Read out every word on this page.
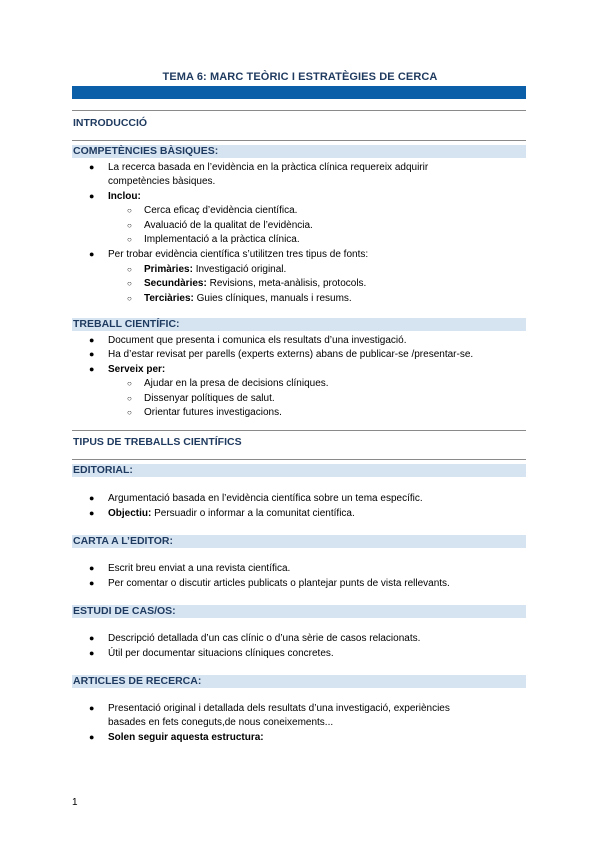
TEMA 6: MARC TEÒRIC I ESTRATÈGIES DE CERCA
INTRODUCCIÓ
COMPETÈNCIES BÀSIQUES:
● La recerca basada en l’evidència en la pràctica clínica requereix adquirir
competències bàsiques.
● Inclou:
○ Cerca eficaç d’evidència científica.
○ Avaluació de la qualitat de l’evidència.
○ Implementació a la pràctica clínica.
● Per trobar evidència científica s’utilitzen tres tipus de fonts:
○ Primàries: Investigació original.
○ Secundàries: Revisions, meta-anàlisis, protocols.
○ Terciàries: Guies clíniques, manuals i resums.
TREBALL CIENTÍFIC:
● Document que presenta i comunica els resultats d’una investigació.
● Ha d’estar revisat per parells (experts externs) abans de publicar-se /presentar-se.
● Serveix per:
○ Ajudar en la presa de decisions clíniques.
○ Dissenyar polítiques de salut.
○ Orientar futures investigacions.
TIPUS DE TREBALLS CIENTÍFICS
EDITORIAL:
● Argumentació basada en l’evidència científica sobre un tema específic.
● Objectiu: Persuadir o informar a la comunitat científica.
CARTA A L’EDITOR:
● Escrit breu enviat a una revista científica.
● Per comentar o discutir articles publicats o plantejar punts de vista rellevants.
ESTUDI DE CAS/OS:
● Descripció detallada d’un cas clínic o d’una sèrie de casos relacionats.
● Útil per documentar situacions clíniques concretes.
ARTICLES DE RECERCA:
● Presentació original i detallada dels resultats d’una investigació, experiències
basades en fets coneguts,de nous coneixements...
● Solen seguir aquesta estructura:
1
